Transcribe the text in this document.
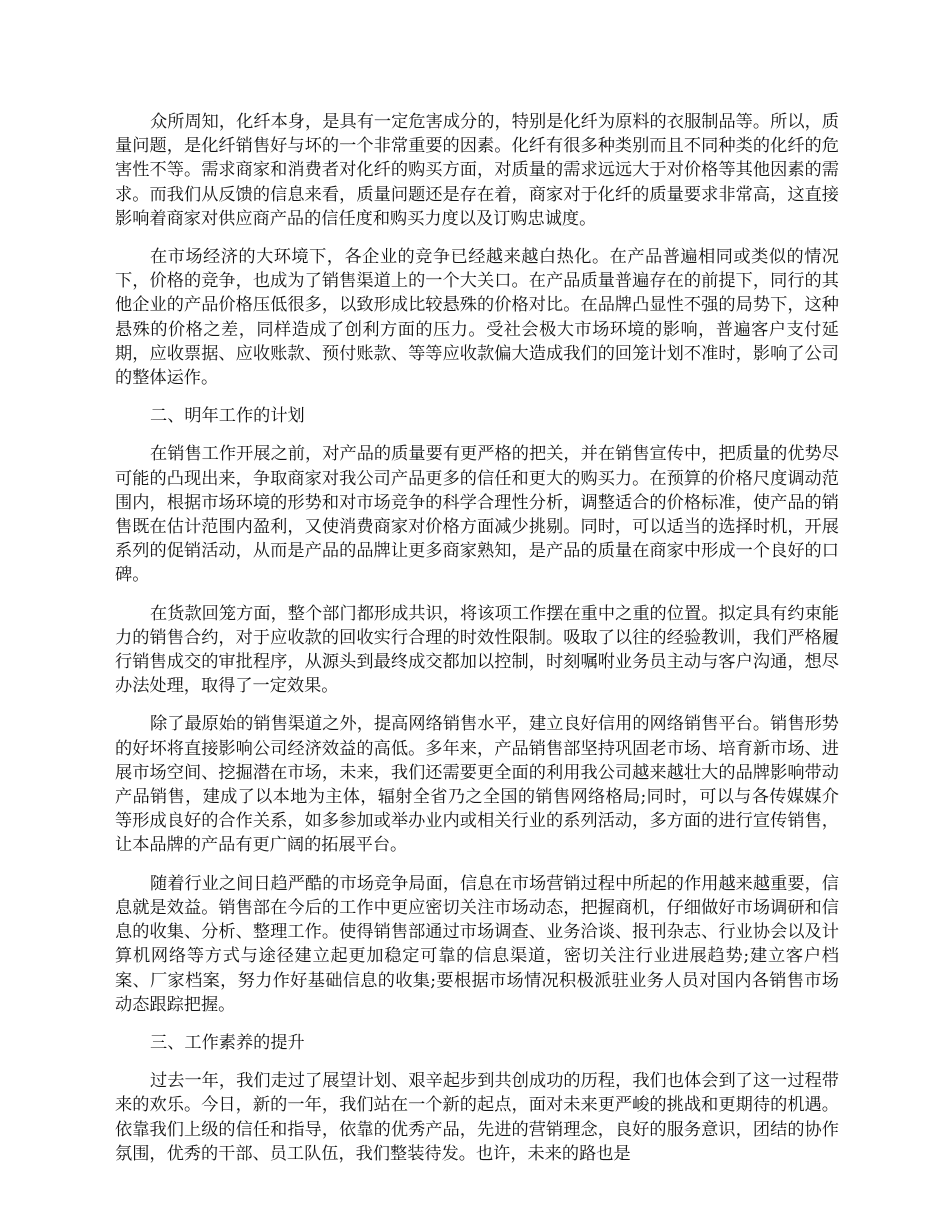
众所周知，化纤本身，是具有一定危害成分的，特别是化纤为原料的衣服制品等。所以，质量问题，是化纤销售好与坏的一个非常重要的因素。化纤有很多种类别而且不同种类的化纤的危害性不等。需求商家和消费者对化纤的购买方面，对质量的需求远远大于对价格等其他因素的需求。而我们从反馈的信息来看，质量问题还是存在着，商家对于化纤的质量要求非常高，这直接影响着商家对供应商产品的信任度和购买力度以及订购忠诚度。

在市场经济的大环境下，各企业的竞争已经越来越白热化。在产品普遍相同或类似的情况下，价格的竞争，也成为了销售渠道上的一个大关口。在产品质量普遍存在的前提下，同行的其他企业的产品价格压低很多，以致形成比较悬殊的价格对比。在品牌凸显性不强的局势下，这种悬殊的价格之差，同样造成了创利方面的压力。受社会极大市场环境的影响，普遍客户支付延期，应收票据、应收账款、预付账款、等等应收款偏大造成我们的回笼计划不准时，影响了公司的整体运作。

二、明年工作的计划

在销售工作开展之前，对产品的质量要有更严格的把关，并在销售宣传中，把质量的优势尽可能的凸现出来，争取商家对我公司产品更多的信任和更大的购买力。在预算的价格尺度调动范围内，根据市场环境的形势和对市场竞争的科学合理性分析，调整适合的价格标准，使产品的销售既在估计范围内盈利，又使消费商家对价格方面减少挑剔。同时，可以适当的选择时机，开展系列的促销活动，从而是产品的品牌让更多商家熟知，是产品的质量在商家中形成一个良好的口碑。

在货款回笼方面，整个部门都形成共识，将该项工作摆在重中之重的位置。拟定具有约束能力的销售合约，对于应收款的回收实行合理的时效性限制。吸取了以往的经验教训，我们严格履行销售成交的审批程序，从源头到最终成交都加以控制，时刻嘱咐业务员主动与客户沟通，想尽办法处理，取得了一定效果。

除了最原始的销售渠道之外，提高网络销售水平，建立良好信用的网络销售平台。销售形势的好坏将直接影响公司经济效益的高低。多年来，产品销售部坚持巩固老市场、培育新市场、进展市场空间、挖掘潜在市场，未来，我们还需要更全面的利用我公司越来越壮大的品牌影响带动产品销售，建成了以本地为主体，辐射全省乃之全国的销售网络格局;同时，可以与各传媒媒介等形成良好的合作关系，如多参加或举办业内或相关行业的系列活动，多方面的进行宣传销售，让本品牌的产品有更广阔的拓展平台。

随着行业之间日趋严酷的市场竞争局面，信息在市场营销过程中所起的作用越来越重要，信息就是效益。销售部在今后的工作中更应密切关注市场动态，把握商机，仔细做好市场调研和信息的收集、分析、整理工作。使得销售部通过市场调查、业务洽谈、报刊杂志、行业协会以及计算机网络等方式与途径建立起更加稳定可靠的信息渠道，密切关注行业进展趋势;建立客户档案、厂家档案，努力作好基础信息的收集;要根据市场情况积极派驻业务人员对国内各销售市场动态跟踪把握。

三、工作素养的提升

过去一年，我们走过了展望计划、艰辛起步到共创成功的历程，我们也体会到了这一过程带来的欢乐。今日，新的一年，我们站在一个新的起点，面对未来更严峻的挑战和更期待的机遇。依靠我们上级的信任和指导，依靠的优秀产品，先进的营销理念，良好的服务意识，团结的协作氛围，优秀的干部、员工队伍，我们整装待发。也许，未来的路也是
